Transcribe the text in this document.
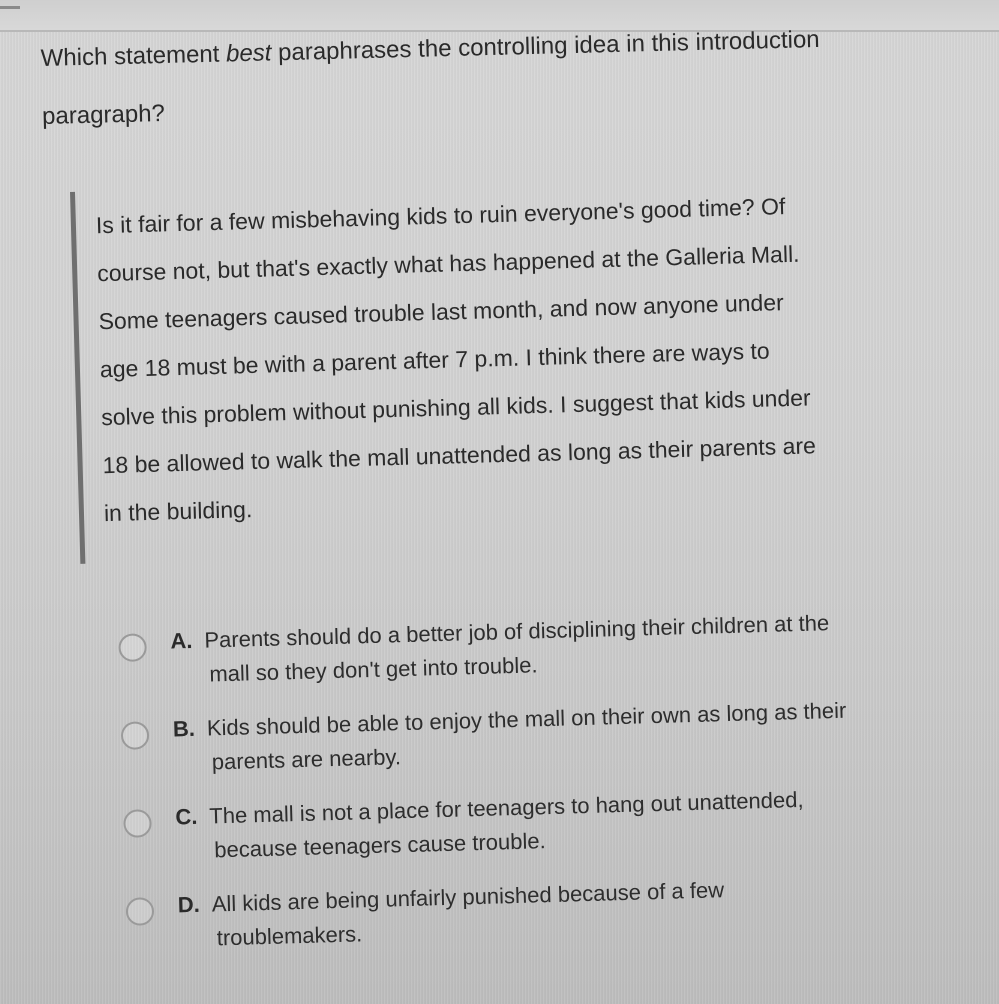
Which statement best paraphrases the controlling idea in this introduction paragraph?
Is it fair for a few misbehaving kids to ruin everyone's good time? Of
course not, but that's exactly what has happened at the Galleria Mall.
Some teenagers caused trouble last month, and now anyone under
age 18 must be with a parent after 7 p.m. I think there are ways to
solve this problem without punishing all kids. I suggest that kids under
18 be allowed to walk the mall unattended as long as their parents are
in the building.
A. Parents should do a better job of disciplining their children at the
mall so they don't get into trouble.
B. Kids should be able to enjoy the mall on their own as long as their
parents are nearby.
C. The mall is not a place for teenagers to hang out unattended,
because teenagers cause trouble.
D. All kids are being unfairly punished because of a few
troublemakers.
